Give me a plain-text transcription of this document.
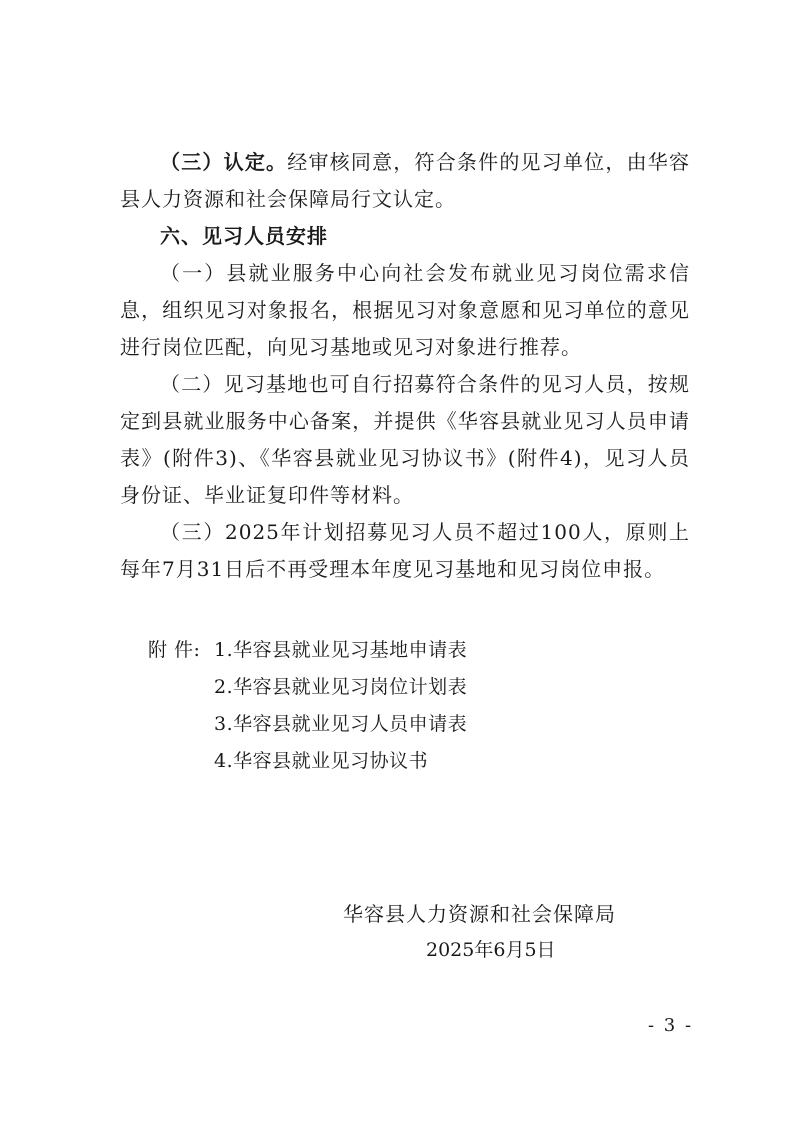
（三）认定。经审核同意，符合条件的见习单位，由华容县人力资源和社会保障局行文认定。

六、见习人员安排

（一）县就业服务中心向社会发布就业见习岗位需求信息，组织见习对象报名，根据见习对象意愿和见习单位的意见进行岗位匹配，向见习基地或见习对象进行推荐。

（二）见习基地也可自行招募符合条件的见习人员，按规定到县就业服务中心备案，并提供《华容县就业见习人员申请表》(附件3)、《华容县就业见习协议书》(附件4)，见习人员身份证、毕业证复印件等材料。

（三）2025年计划招募见习人员不超过100人，原则上每年7月31日后不再受理本年度见习基地和见习岗位申报。

附 件: 1.华容县就业见习基地申请表
2.华容县就业见习岗位计划表
3.华容县就业见习人员申请表
4.华容县就业见习协议书

华容县人力资源和社会保障局

2025年6月5日

- 3 -
